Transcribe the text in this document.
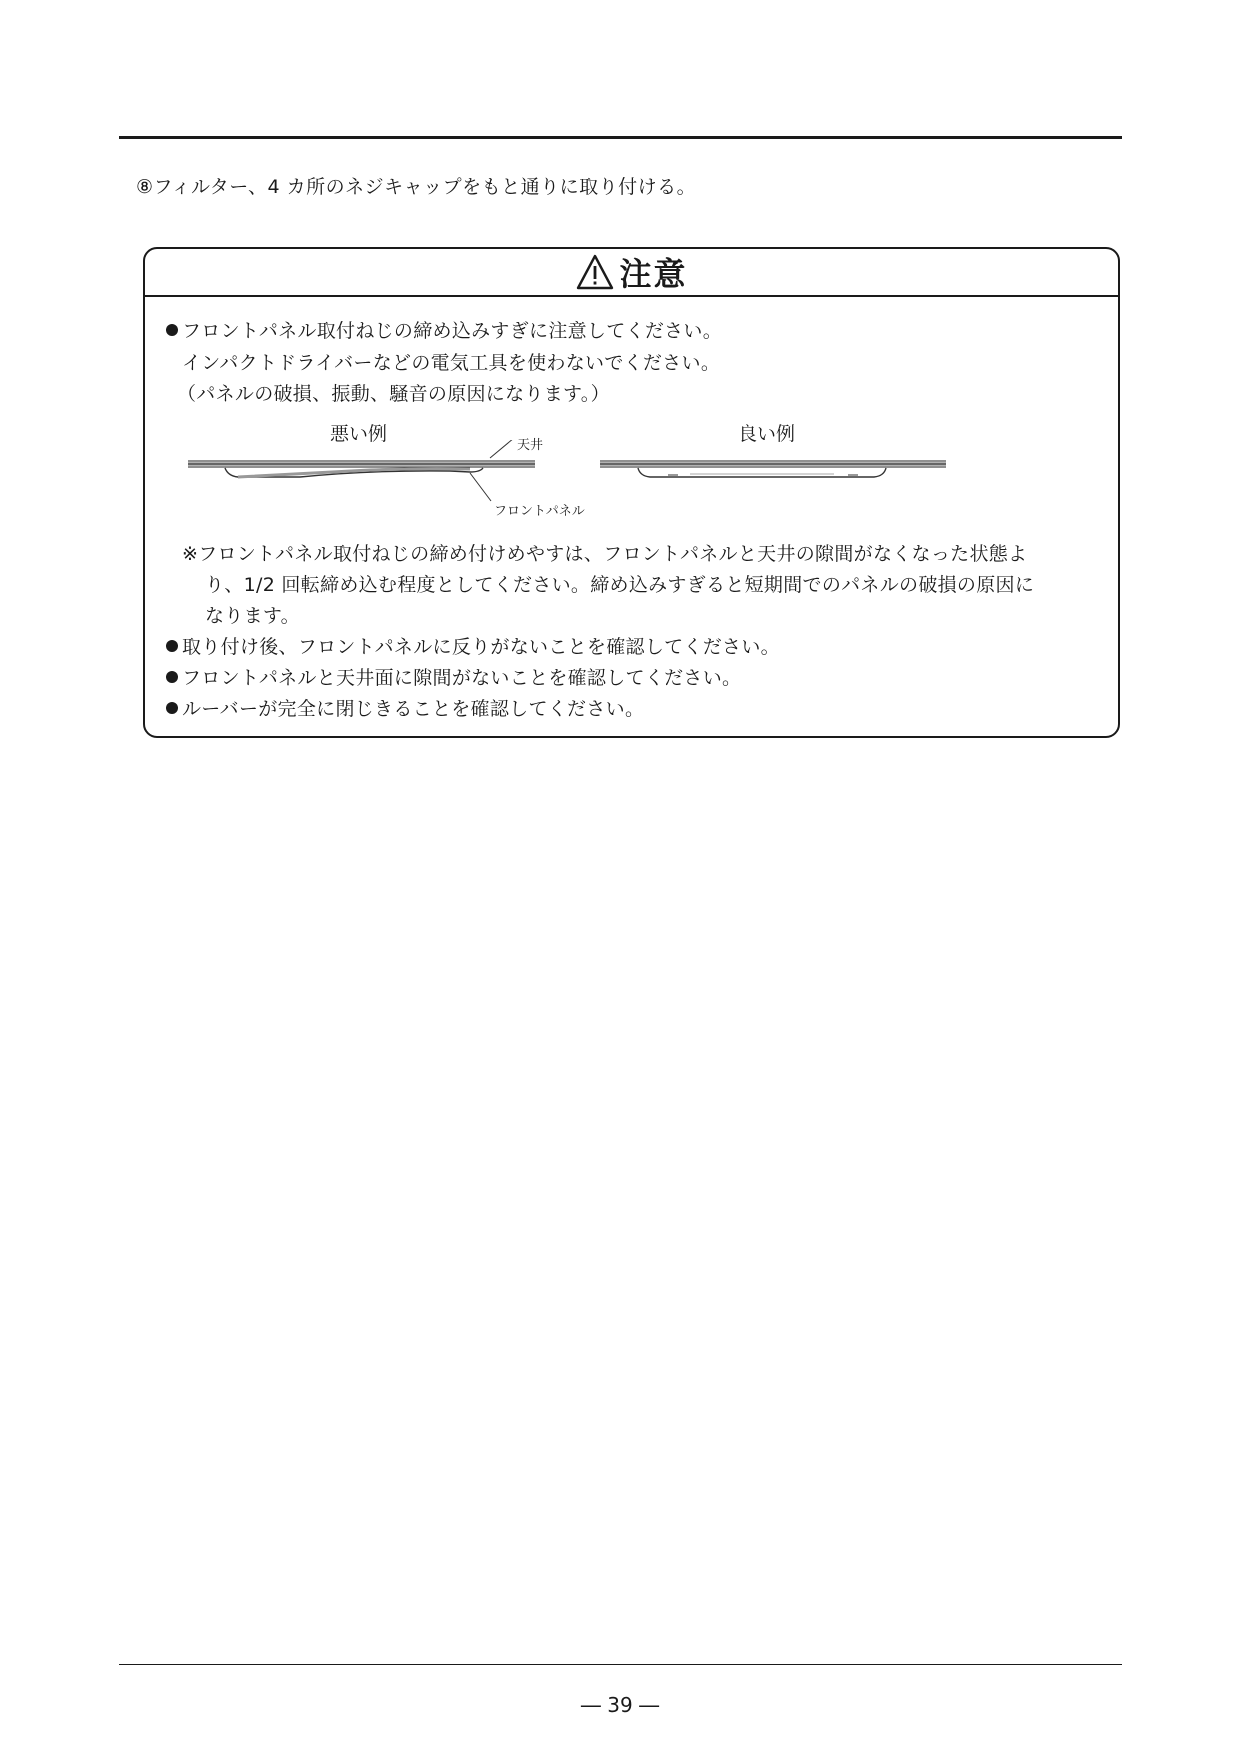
⑧フィルター、4 カ所のネジキャップをもと通りに取り付ける。
注意
フロントパネル取付ねじの締め込みすぎに注意してください。
インパクトドライバーなどの電気工具を使わないでください。
（パネルの破損、振動、騒音の原因になります。）
悪い例	良い例
天井
フロントパネル
※フロントパネル取付ねじの締め付けめやすは、フロントパネルと天井の隙間がなくなった状態よ
り、1/2 回転締め込む程度としてください。締め込みすぎると短期間でのパネルの破損の原因に
なります。
取り付け後、フロントパネルに反りがないことを確認してください。
フロントパネルと天井面に隙間がないことを確認してください。
ルーバーが完全に閉じきることを確認してください。
― 39 ―
